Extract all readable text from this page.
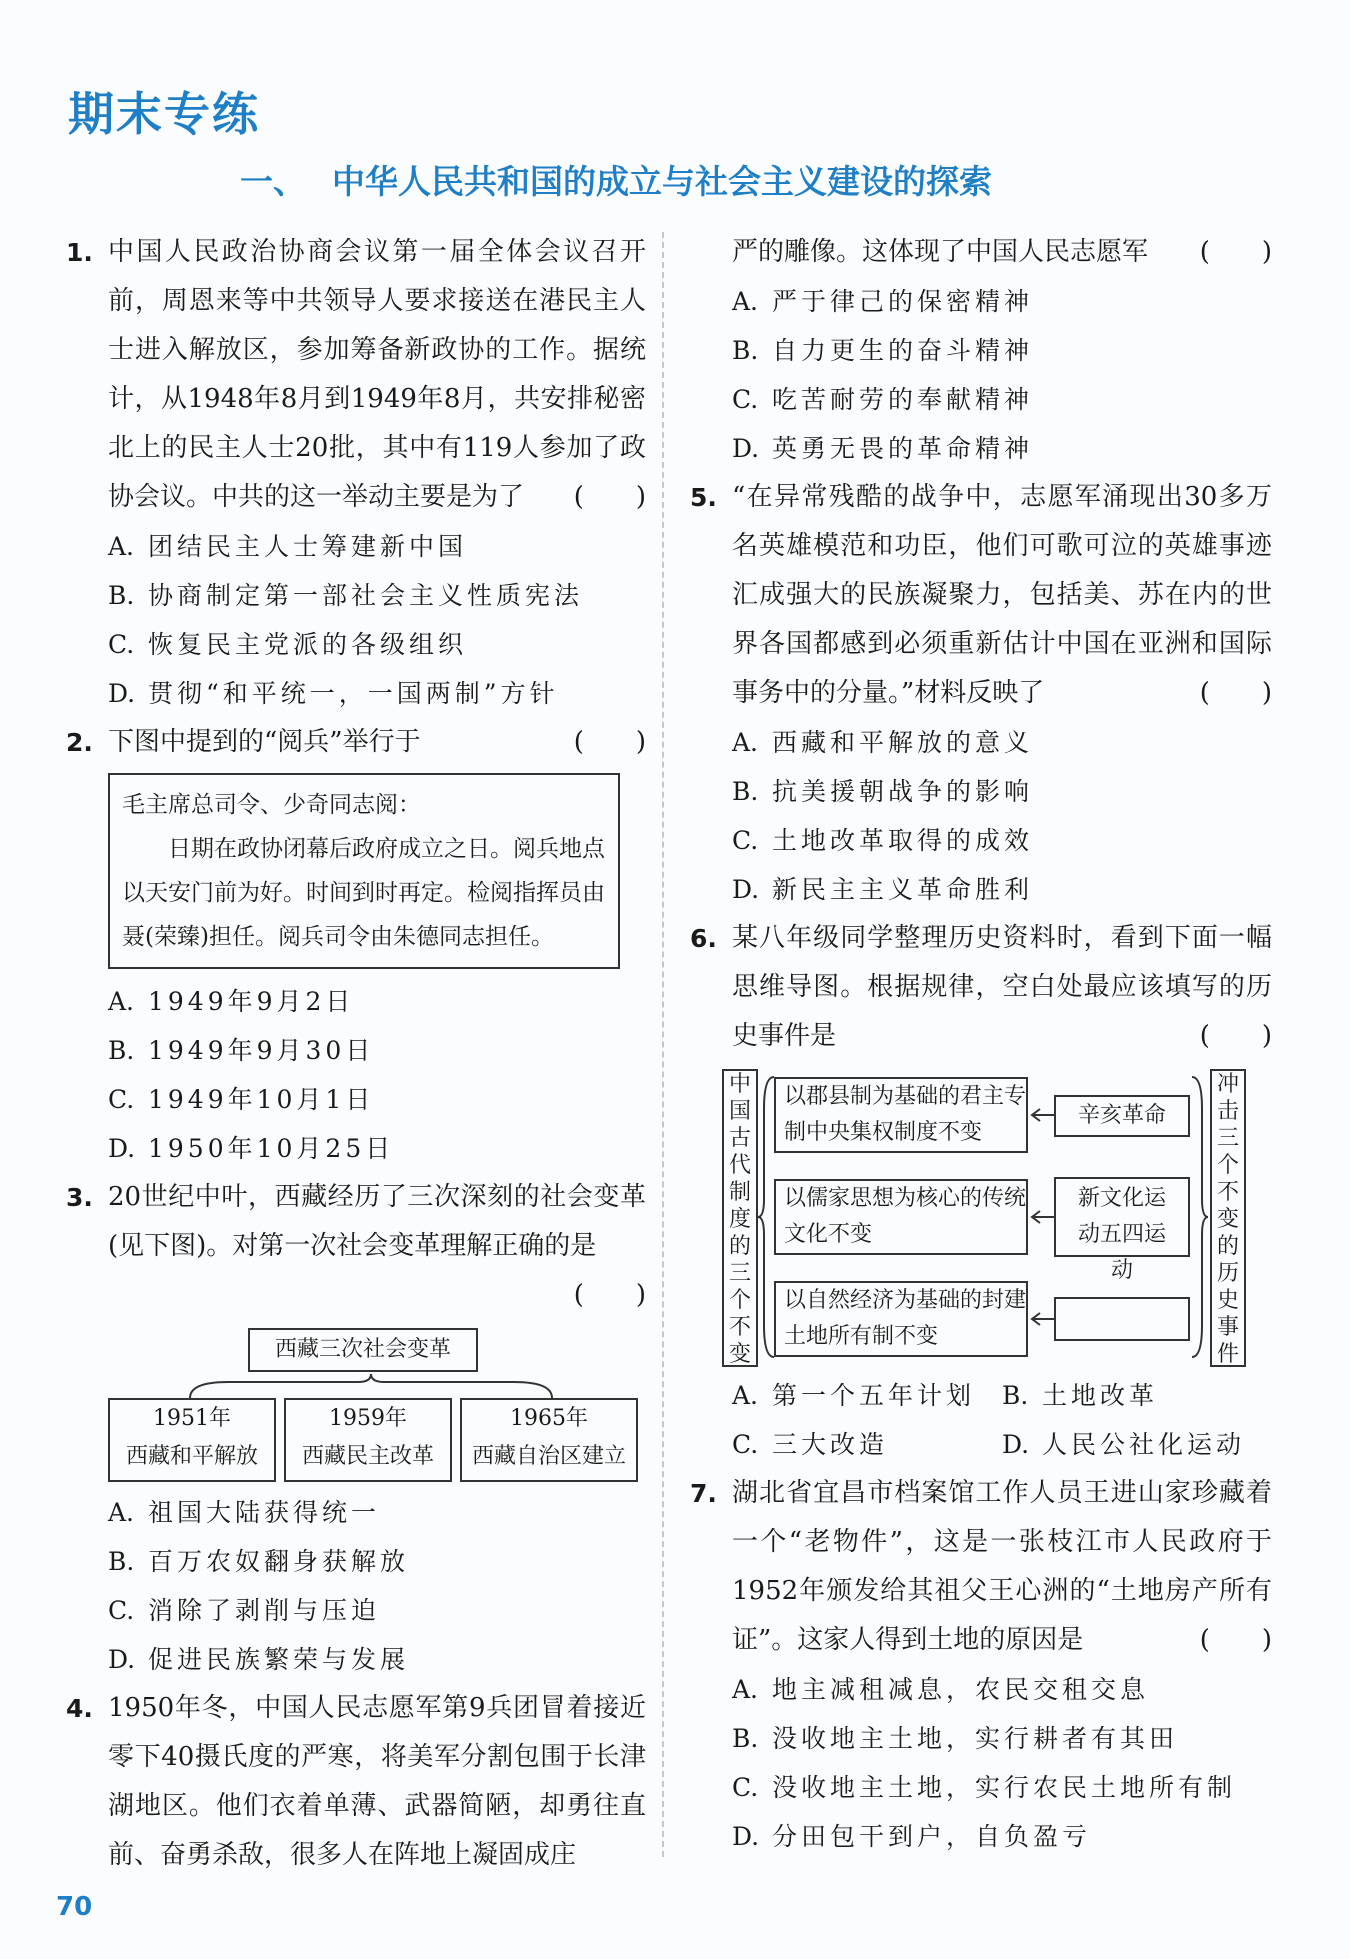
期末专练
一、 中华人民共和国的成立与社会主义建设的探索
1. 中国人民政治协商会议第一届全体会议召开前，周恩来等中共领导人要求接送在港民主人士进入解放区，参加筹备新政协的工作。据统计，从1948年8月到1949年8月，共安排秘密北上的民主人士20批，其中有119人参加了政协会议。中共的这一举动主要是为了 (　　)
A. 团结民主人士筹建新中国
B. 协商制定第一部社会主义性质宪法
C. 恢复民主党派的各级组织
D. 贯彻“和平统一，一国两制”方针
2. 下图中提到的“阅兵”举行于	(　　)

毛主席总司令、少奇同志阅：

日期在政协闭幕后政府成立之日。阅兵地点以天安门前为好。时间到时再定。检阅指挥员由聂(荣臻)担任。阅兵司令由朱德同志担任。

A. 1949年9月2日
B. 1949年9月30日
C. 1949年10月1日
D. 1950年10月25日
3. 20世纪中叶，西藏经历了三次深刻的社会变革(见下图)。对第一次社会变革理解正确的是
(　　)
西藏三次社会变革
1951年
西藏和平解放
1959年
西藏民主改革
1965年
西藏自治区建立
A. 祖国大陆获得统一
B. 百万农奴翻身获解放
C. 消除了剥削与压迫
D. 促进民族繁荣与发展
4. 1950年冬，中国人民志愿军第9兵团冒着接近零下40摄氏度的严寒，将美军分割包围于长津湖地区。他们衣着单薄、武器简陋，却勇往直前、奋勇杀敌，很多人在阵地上凝固成庄
严的雕像。这体现了中国人民志愿军 (　　)
A. 严于律己的保密精神
B. 自力更生的奋斗精神
C. 吃苦耐劳的奉献精神
D. 英勇无畏的革命精神
5. “在异常残酷的战争中，志愿军涌现出30多万名英雄模范和功臣，他们可歌可泣的英雄事迹汇成强大的民族凝聚力，包括美、苏在内的世界各国都感到必须重新估计中国在亚洲和国际事务中的分量。”材料反映了	(　　)
A. 西藏和平解放的意义
B. 抗美援朝战争的影响
C. 土地改革取得的成效
D. 新民主主义革命胜利
6. 某八年级同学整理历史资料时，看到下面一幅思维导图。根据规律，空白处最应该填写的历史事件是	(　　)
中国古代制度的三个不变
以郡县制为基础的君主专制中央集权制度不变
以儒家思想为核心的传统文化不变
以自然经济为基础的封建土地所有制不变
辛亥革命
新文化运动五四运动
冲击三个不变的历史事件
A. 第一个五年计划	B. 土地改革
C. 三大改造	D. 人民公社化运动
7. 湖北省宜昌市档案馆工作人员王进山家珍藏着一个“老物件”，这是一张枝江市人民政府于1952年颁发给其祖父王心洲的“土地房产所有证”。这家人得到土地的原因是	(　　)
A. 地主减租减息，农民交租交息
B. 没收地主土地，实行耕者有其田
C. 没收地主土地，实行农民土地所有制
D. 分田包干到户，自负盈亏
70
